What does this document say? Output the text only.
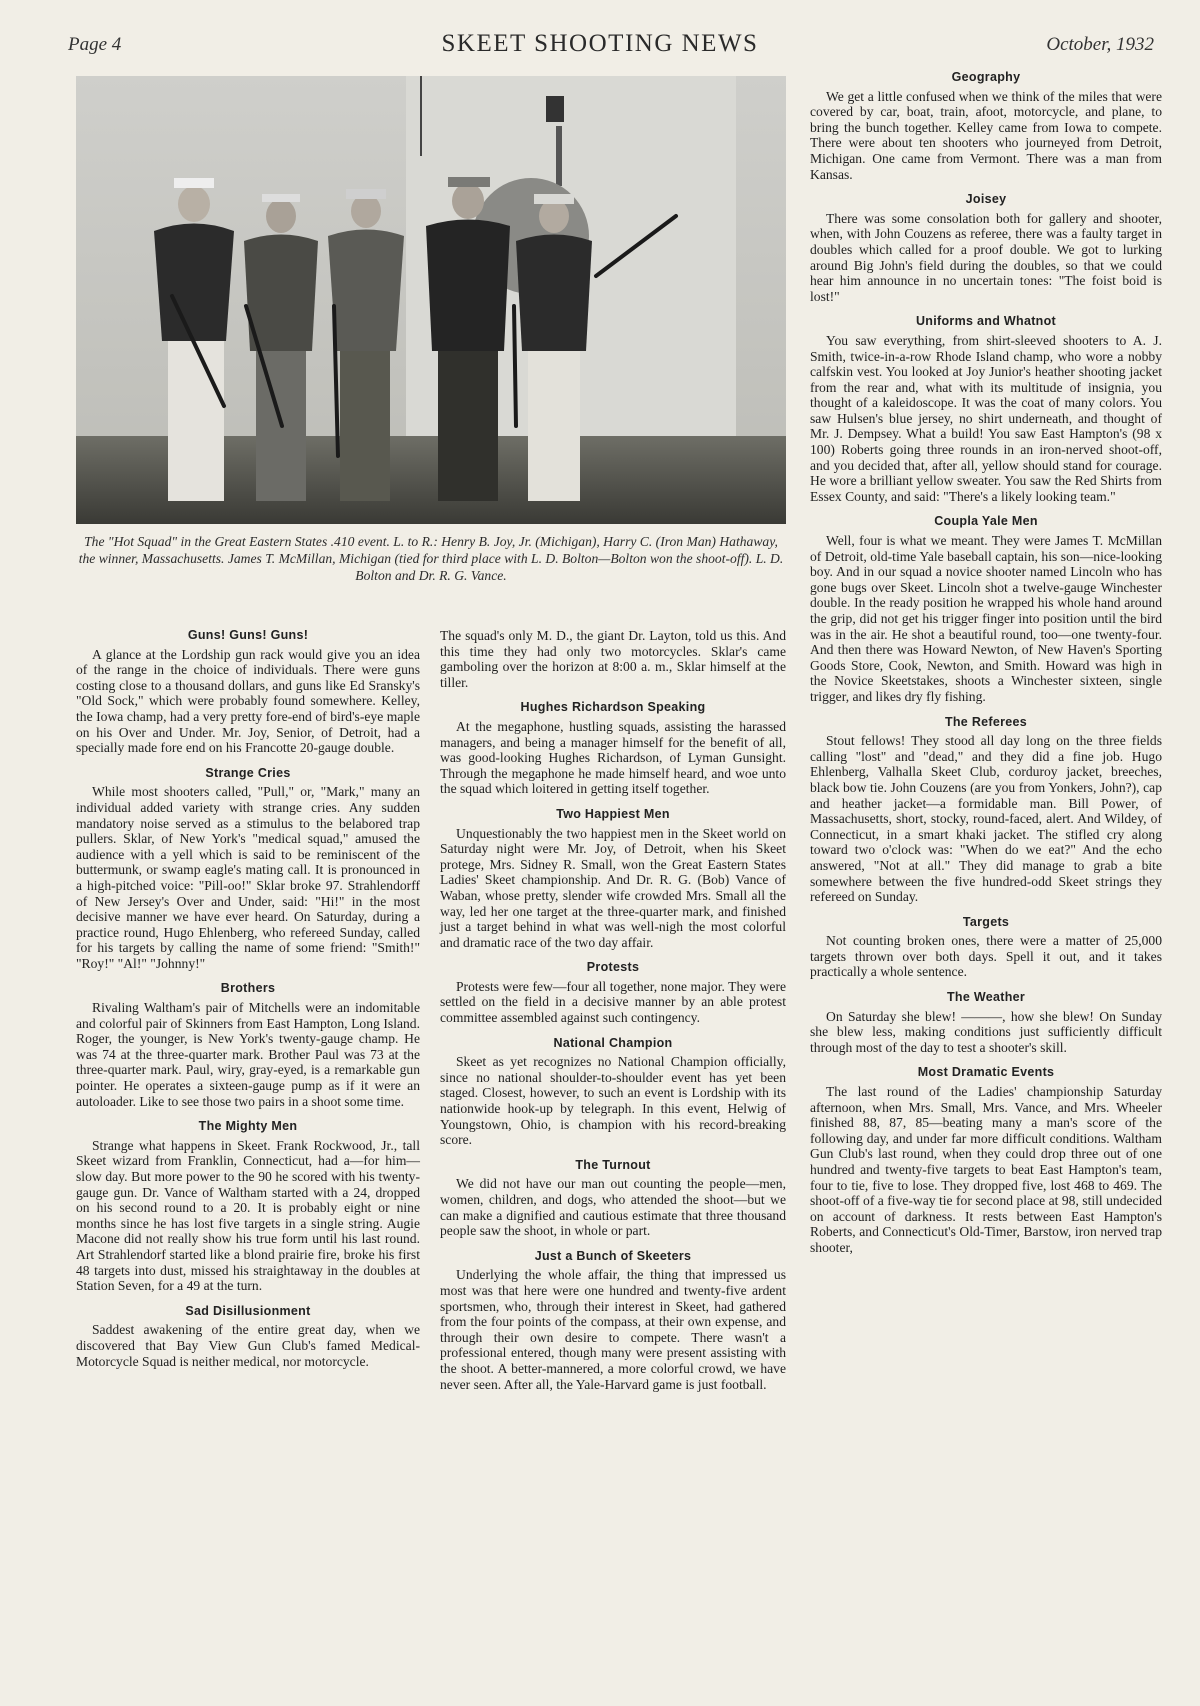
Page 4	SKEET SHOOTING NEWS	October, 1932
The "Hot Squad" in the Great Eastern States .410 event. L. to R.: Henry B. Joy, Jr. (Michigan), Harry C. (Iron Man) Hathaway, the winner, Massachusetts. James T. McMillan, Michigan (tied for third place with L. D. Bolton—Bolton won the shoot-off). L. D. Bolton and Dr. R. G. Vance.
Guns! Guns! Guns!

A glance at the Lordship gun rack would give you an idea of the range in the choice of individuals. There were guns costing close to a thousand dollars, and guns like Ed Sransky's "Old Sock," which were probably found somewhere. Kelley, the Iowa champ, had a very pretty fore-end of bird's-eye maple on his Over and Under. Mr. Joy, Senior, of Detroit, had a specially made fore end on his Francotte 20-gauge double.

Strange Cries

While most shooters called, "Pull," or, "Mark," many an individual added variety with strange cries. Any sudden mandatory noise served as a stimulus to the belabored trap pullers. Sklar, of New York's "medical squad," amused the audience with a yell which is said to be reminiscent of the buttermunk, or swamp eagle's mating call. It is pronounced in a high-pitched voice: "Pill-oo!" Sklar broke 97. Strahlendorff of New Jersey's Over and Under, said: "Hi!" in the most decisive manner we have ever heard. On Saturday, during a practice round, Hugo Ehlenberg, who refereed Sunday, called for his targets by calling the name of some friend: "Smith!" "Roy!" "Al!" "Johnny!"

Brothers

Rivaling Waltham's pair of Mitchells were an indomitable and colorful pair of Skinners from East Hampton, Long Island. Roger, the younger, is New York's twenty-gauge champ. He was 74 at the three-quarter mark. Brother Paul was 73 at the three-quarter mark. Paul, wiry, gray-eyed, is a remarkable gun pointer. He operates a sixteen-gauge pump as if it were an autoloader. Like to see those two pairs in a shoot some time.

The Mighty Men

Strange what happens in Skeet. Frank Rockwood, Jr., tall Skeet wizard from Franklin, Connecticut, had a—for him—slow day. But more power to the 90 he scored with his twenty-gauge gun. Dr. Vance of Waltham started with a 24, dropped on his second round to a 20. It is probably eight or nine months since he has lost five targets in a single string. Augie Macone did not really show his true form until his last round. Art Strahlendorf started like a blond prairie fire, broke his first 48 targets into dust, missed his straightaway in the doubles at Station Seven, for a 49 at the turn.

Sad Disillusionment

Saddest awakening of the entire great day, when we discovered that Bay View Gun Club's famed Medical-Motorcycle Squad is neither medical, nor motorcycle.

The squad's only M. D., the giant Dr. Layton, told us this. And this time they had only two motorcycles. Sklar's came gamboling over the horizon at 8:00 a. m., Sklar himself at the tiller.

Hughes Richardson Speaking

At the megaphone, hustling squads, assisting the harassed managers, and being a manager himself for the benefit of all, was good-looking Hughes Richardson, of Lyman Gunsight. Through the megaphone he made himself heard, and woe unto the squad which loitered in getting itself together.

Two Happiest Men

Unquestionably the two happiest men in the Skeet world on Saturday night were Mr. Joy, of Detroit, when his Skeet protege, Mrs. Sidney R. Small, won the Great Eastern States Ladies' Skeet championship. And Dr. R. G. (Bob) Vance of Waban, whose pretty, slender wife crowded Mrs. Small all the way, led her one target at the three-quarter mark, and finished just a target behind in what was well-nigh the most colorful and dramatic race of the two day affair.

Protests

Protests were few—four all together, none major. They were settled on the field in a decisive manner by an able protest committee assembled against such contingency.

National Champion

Skeet as yet recognizes no National Champion officially, since no national shoulder-to-shoulder event has yet been staged. Closest, however, to such an event is Lordship with its nationwide hook-up by telegraph. In this event, Helwig of Youngstown, Ohio, is champion with his record-breaking score.

The Turnout

We did not have our man out counting the people—men, women, children, and dogs, who attended the shoot—but we can make a dignified and cautious estimate that three thousand people saw the shoot, in whole or part.

Just a Bunch of Skeeters

Underlying the whole affair, the thing that impressed us most was that here were one hundred and twenty-five ardent sportsmen, who, through their interest in Skeet, had gathered from the four points of the compass, at their own expense, and through their own desire to compete. There wasn't a professional entered, though many were present assisting with the shoot. A better-mannered, a more colorful crowd, we have never seen. After all, the Yale-Harvard game is just football.

Geography

We get a little confused when we think of the miles that were covered by car, boat, train, afoot, motorcycle, and plane, to bring the bunch together. Kelley came from Iowa to compete. There were about ten shooters who journeyed from Detroit, Michigan. One came from Vermont. There was a man from Kansas.

Joisey

There was some consolation both for gallery and shooter, when, with John Couzens as referee, there was a faulty target in doubles which called for a proof double. We got to lurking around Big John's field during the doubles, so that we could hear him announce in no uncertain tones: "The foist boid is lost!"

Uniforms and Whatnot

You saw everything, from shirt-sleeved shooters to A. J. Smith, twice-in-a-row Rhode Island champ, who wore a nobby calfskin vest. You looked at Joy Junior's heather shooting jacket from the rear and, what with its multitude of insignia, you thought of a kaleidoscope. It was the coat of many colors. You saw Hulsen's blue jersey, no shirt underneath, and thought of Mr. J. Dempsey. What a build! You saw East Hampton's (98 x 100) Roberts going three rounds in an iron-nerved shoot-off, and you decided that, after all, yellow should stand for courage. He wore a brilliant yellow sweater. You saw the Red Shirts from Essex County, and said: "There's a likely looking team."

Coupla Yale Men

Well, four is what we meant. They were James T. McMillan of Detroit, old-time Yale baseball captain, his son—nice-looking boy. And in our squad a novice shooter named Lincoln who has gone bugs over Skeet. Lincoln shot a twelve-gauge Winchester double. In the ready position he wrapped his whole hand around the grip, did not get his trigger finger into position until the bird was in the air. He shot a beautiful round, too—one twenty-four. And then there was Howard Newton, of New Haven's Sporting Goods Store, Cook, Newton, and Smith. Howard was high in the Novice Skeetstakes, shoots a Winchester sixteen, single trigger, and likes dry fly fishing.

The Referees

Stout fellows! They stood all day long on the three fields calling "lost" and "dead," and they did a fine job. Hugo Ehlenberg, Valhalla Skeet Club, corduroy jacket, breeches, black bow tie. John Couzens (are you from Yonkers, John?), cap and heather jacket—a formidable man. Bill Power, of Massachusetts, short, stocky, round-faced, alert. And Wildey, of Connecticut, in a smart khaki jacket. The stifled cry along toward two o'clock was: "When do we eat?" And the echo answered, "Not at all." They did manage to grab a bite somewhere between the five hundred-odd Skeet strings they refereed on Sunday.

Targets

Not counting broken ones, there were a matter of 25,000 targets thrown over both days. Spell it out, and it takes practically a whole sentence.

The Weather

On Saturday she blew! ———, how she blew! On Sunday she blew less, making conditions just sufficiently difficult through most of the day to test a shooter's skill.

Most Dramatic Events

The last round of the Ladies' championship Saturday afternoon, when Mrs. Small, Mrs. Vance, and Mrs. Wheeler finished 88, 87, 85—beating many a man's score of the following day, and under far more difficult conditions. Waltham Gun Club's last round, when they could drop three out of one hundred and twenty-five targets to beat East Hampton's team, four to tie, five to lose. They dropped five, lost 468 to 469. The shoot-off of a five-way tie for second place at 98, still undecided on account of darkness. It rests between East Hampton's Roberts, and Connecticut's Old-Timer, Barstow, iron nerved trap shooter,
